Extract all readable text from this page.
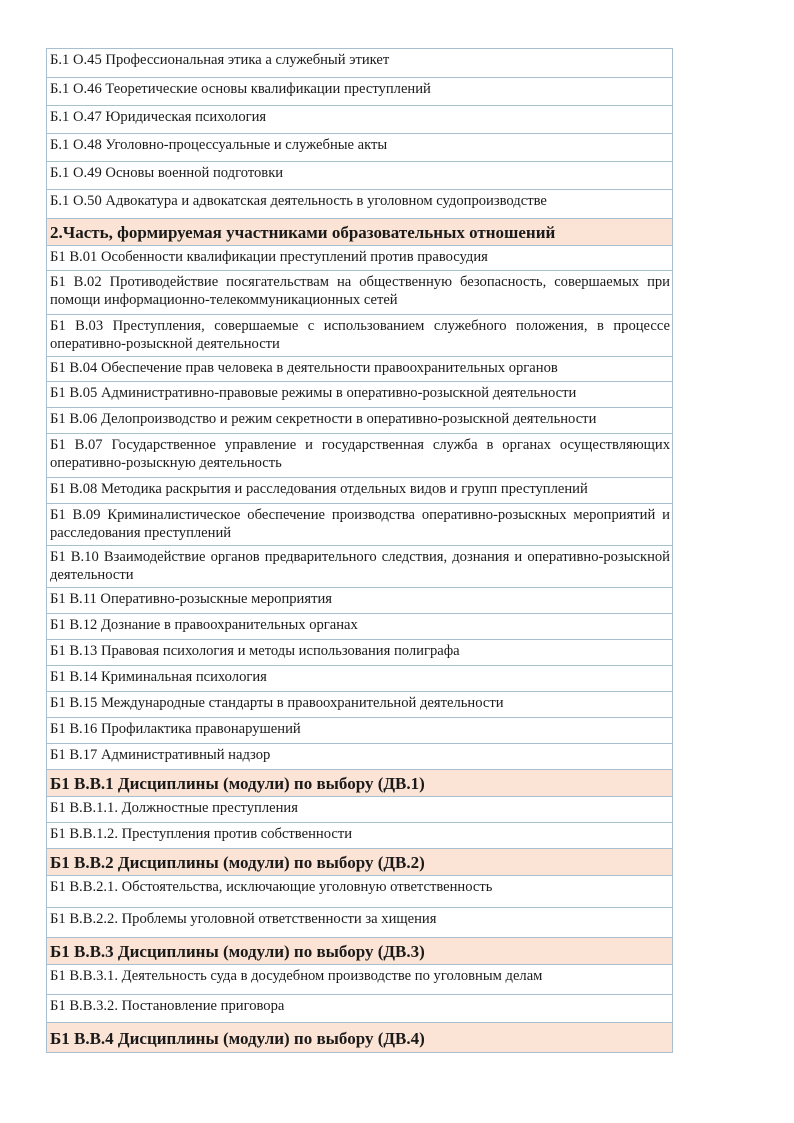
Б.1 О.45 Профессиональная этика а служебный этикет
Б.1 О.46 Теоретические основы квалификации преступлений
Б.1 О.47 Юридическая психология
Б.1 О.48 Уголовно-процессуальные и служебные акты
Б.1 О.49 Основы военной подготовки
Б.1 О.50 Адвокатура и адвокатская деятельность в уголовном судопроизводстве
2.Часть, формируемая участниками образовательных отношений
Б1 В.01 Особенности квалификации преступлений против правосудия
Б1 В.02 Противодействие посягательствам на общественную безопасность, совершаемых при помощи информационно-телекоммуникационных сетей
Б1 В.03 Преступления, совершаемые с использованием служебного положения, в процессе оперативно-розыскной деятельности
Б1 В.04 Обеспечение прав человека в деятельности правоохранительных органов
Б1 В.05 Административно-правовые режимы в оперативно-розыскной деятельности
Б1 В.06 Делопроизводство и режим секретности в оперативно-розыскной деятельности
Б1 В.07 Государственное управление и государственная служба в органах осуществляющих оперативно-розыскную деятельность
Б1 В.08 Методика раскрытия и расследования отдельных видов и групп преступлений
Б1 В.09 Криминалистическое обеспечение производства оперативно-розыскных мероприятий и расследования преступлений
Б1 В.10 Взаимодействие органов предварительного следствия, дознания и оперативно-розыскной деятельности
Б1 В.11 Оперативно-розыскные мероприятия
Б1 В.12 Дознание в правоохранительных органах
Б1 В.13 Правовая психология и методы использования полиграфа
Б1 В.14 Криминальная психология
Б1 В.15 Международные стандарты в правоохранительной деятельности
Б1 В.16 Профилактика правонарушений
Б1 В.17 Административный надзор
Б1 В.В.1 Дисциплины (модули) по выбору (ДВ.1)
Б1 В.В.1.1. Должностные преступления
Б1 В.В.1.2. Преступления против собственности
Б1 В.В.2 Дисциплины (модули) по выбору (ДВ.2)
Б1 В.В.2.1. Обстоятельства, исключающие уголовную ответственность
Б1 В.В.2.2. Проблемы уголовной ответственности за хищения
Б1 В.В.3 Дисциплины (модули) по выбору (ДВ.3)
Б1 В.В.3.1. Деятельность суда в досудебном производстве по уголовным делам
Б1 В.В.3.2. Постановление приговора
Б1 В.В.4 Дисциплины (модули) по выбору (ДВ.4)
